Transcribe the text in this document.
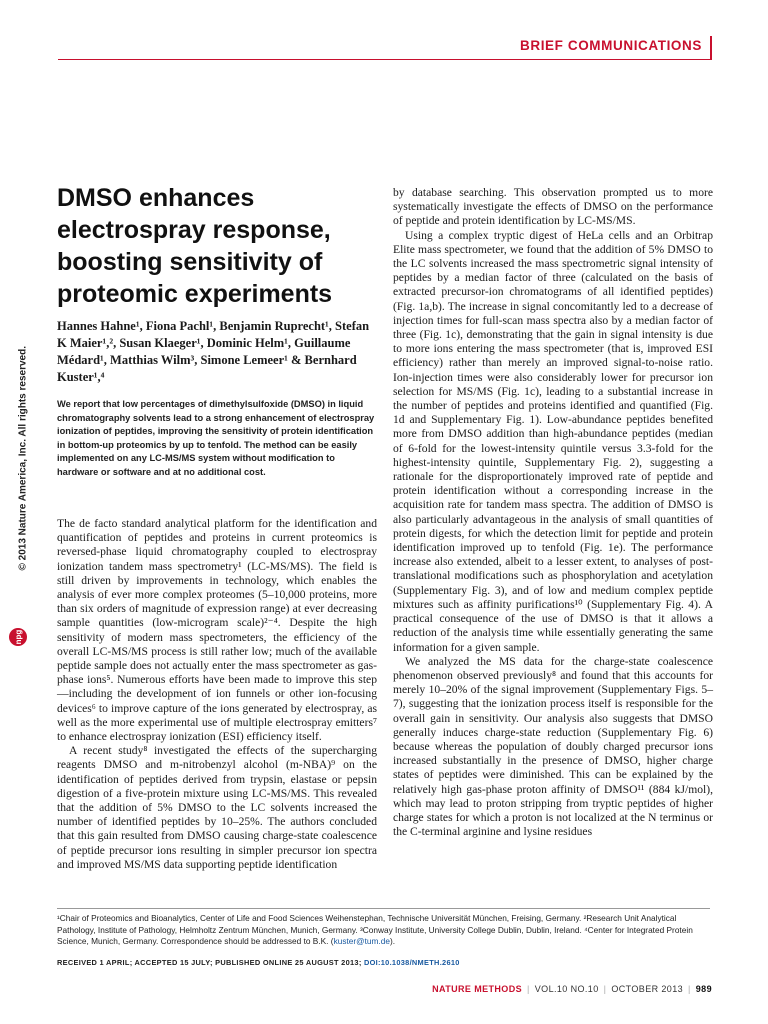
BRIEF COMMUNICATIONS
© 2013 Nature America, Inc. All rights reserved.
npg
DMSO enhances electrospray response, boosting sensitivity of proteomic experiments
Hannes Hahne¹, Fiona Pachl¹, Benjamin Ruprecht¹, Stefan K Maier¹,², Susan Klaeger¹, Dominic Helm¹, Guillaume Médard¹, Matthias Wilm³, Simone Lemeer¹ & Bernhard Kuster¹,⁴
We report that low percentages of dimethylsulfoxide (DMSO) in liquid chromatography solvents lead to a strong enhancement of electrospray ionization of peptides, improving the sensitivity of protein identification in bottom-up proteomics by up to tenfold. The method can be easily implemented on any LC-MS/MS system without modification to hardware or software and at no additional cost.

The de facto standard analytical platform for the identification and quantification of peptides and proteins in current proteomics is reversed-phase liquid chromatography coupled to electrospray ionization tandem mass spectrometry¹ (LC-MS/MS). The field is still driven by improvements in technology, which enables the analysis of ever more complex proteomes (5–10,000 proteins, more than six orders of magnitude of expression range) at ever decreasing sample quantities (low-microgram scale)²⁻⁴. Despite the high sensitivity of modern mass spectrometers, the efficiency of the overall LC-MS/MS process is still rather low; much of the available peptide sample does not actually enter the mass spectrometer as gas-phase ions⁵. Numerous efforts have been made to improve this step—including the development of ion funnels or other ion-focusing devices⁶ to improve capture of the ions generated by electrospray, as well as the more experimental use of multiple electrospray emitters⁷ to enhance electrospray ionization (ESI) efficiency itself.

A recent study⁸ investigated the effects of the supercharging reagents DMSO and m-nitrobenzyl alcohol (m-NBA)⁹ on the identification of peptides derived from trypsin, elastase or pepsin digestion of a five-protein mixture using LC-MS/MS. This revealed that the addition of 5% DMSO to the LC solvents increased the number of identified peptides by 10–25%. The authors concluded that this gain resulted from DMSO causing charge-state coalescence of peptide precursor ions resulting in simpler precursor ion spectra and improved MS/MS data supporting peptide identification

by database searching. This observation prompted us to more systematically investigate the effects of DMSO on the performance of peptide and protein identification by LC-MS/MS.

Using a complex tryptic digest of HeLa cells and an Orbitrap Elite mass spectrometer, we found that the addition of 5% DMSO to the LC solvents increased the mass spectrometric signal intensity of peptides by a median factor of three (calculated on the basis of extracted precursor-ion chromatograms of all identified peptides) (Fig. 1a,b). The increase in signal concomitantly led to a decrease of injection times for full-scan mass spectra also by a median factor of three (Fig. 1c), demonstrating that the gain in signal intensity is due to more ions entering the mass spectrometer (that is, improved ESI efficiency) rather than merely an improved signal-to-noise ratio. Ion-injection times were also considerably lower for precursor ion selection for MS/MS (Fig. 1c), leading to a substantial increase in the number of peptides and proteins identified and quantified (Fig. 1d and Supplementary Fig. 1). Low-abundance peptides benefited more from DMSO addition than high-abundance peptides (median of 6-fold for the lowest-intensity quintile versus 3.3-fold for the highest-intensity quintile, Supplementary Fig. 2), suggesting a rationale for the disproportionately improved rate of peptide and protein identification without a corresponding increase in the acquisition rate for tandem mass spectra. The addition of DMSO is also particularly advantageous in the analysis of small quantities of protein digests, for which the detection limit for peptide and protein identification improved up to tenfold (Fig. 1e). The performance increase also extended, albeit to a lesser extent, to analyses of post-translational modifications such as phosphorylation and acetylation (Supplementary Fig. 3), and of low and medium complex peptide mixtures such as affinity purifications¹⁰ (Supplementary Fig. 4). A practical consequence of the use of DMSO is that it allows a reduction of the analysis time while essentially generating the same information for a given sample.

We analyzed the MS data for the charge-state coalescence phenomenon observed previously⁸ and found that this accounts for merely 10–20% of the signal improvement (Supplementary Figs. 5–7), suggesting that the ionization process itself is responsible for the overall gain in sensitivity. Our analysis also suggests that DMSO generally induces charge-state reduction (Supplementary Fig. 6) because whereas the population of doubly charged precursor ions increased substantially in the presence of DMSO, higher charge states of peptides were diminished. This can be explained by the relatively high gas-phase proton affinity of DMSO¹¹ (884 kJ/mol), which may lead to proton stripping from tryptic peptides of higher charge states for which a proton is not localized at the N terminus or the C-terminal arginine and lysine residues

¹Chair of Proteomics and Bioanalytics, Center of Life and Food Sciences Weihenstephan, Technische Universität München, Freising, Germany. ²Research Unit Analytical Pathology, Institute of Pathology, Helmholtz Zentrum München, Munich, Germany. ³Conway Institute, University College Dublin, Dublin, Ireland. ⁴Center for Integrated Protein Science, Munich, Germany. Correspondence should be addressed to B.K. (kuster@tum.de).
RECEIVED 1 APRIL; ACCEPTED 15 JULY; PUBLISHED ONLINE 25 AUGUST 2013; DOI:10.1038/NMETH.2610
NATURE METHODS | VOL.10 NO.10 | OCTOBER 2013 | 989
